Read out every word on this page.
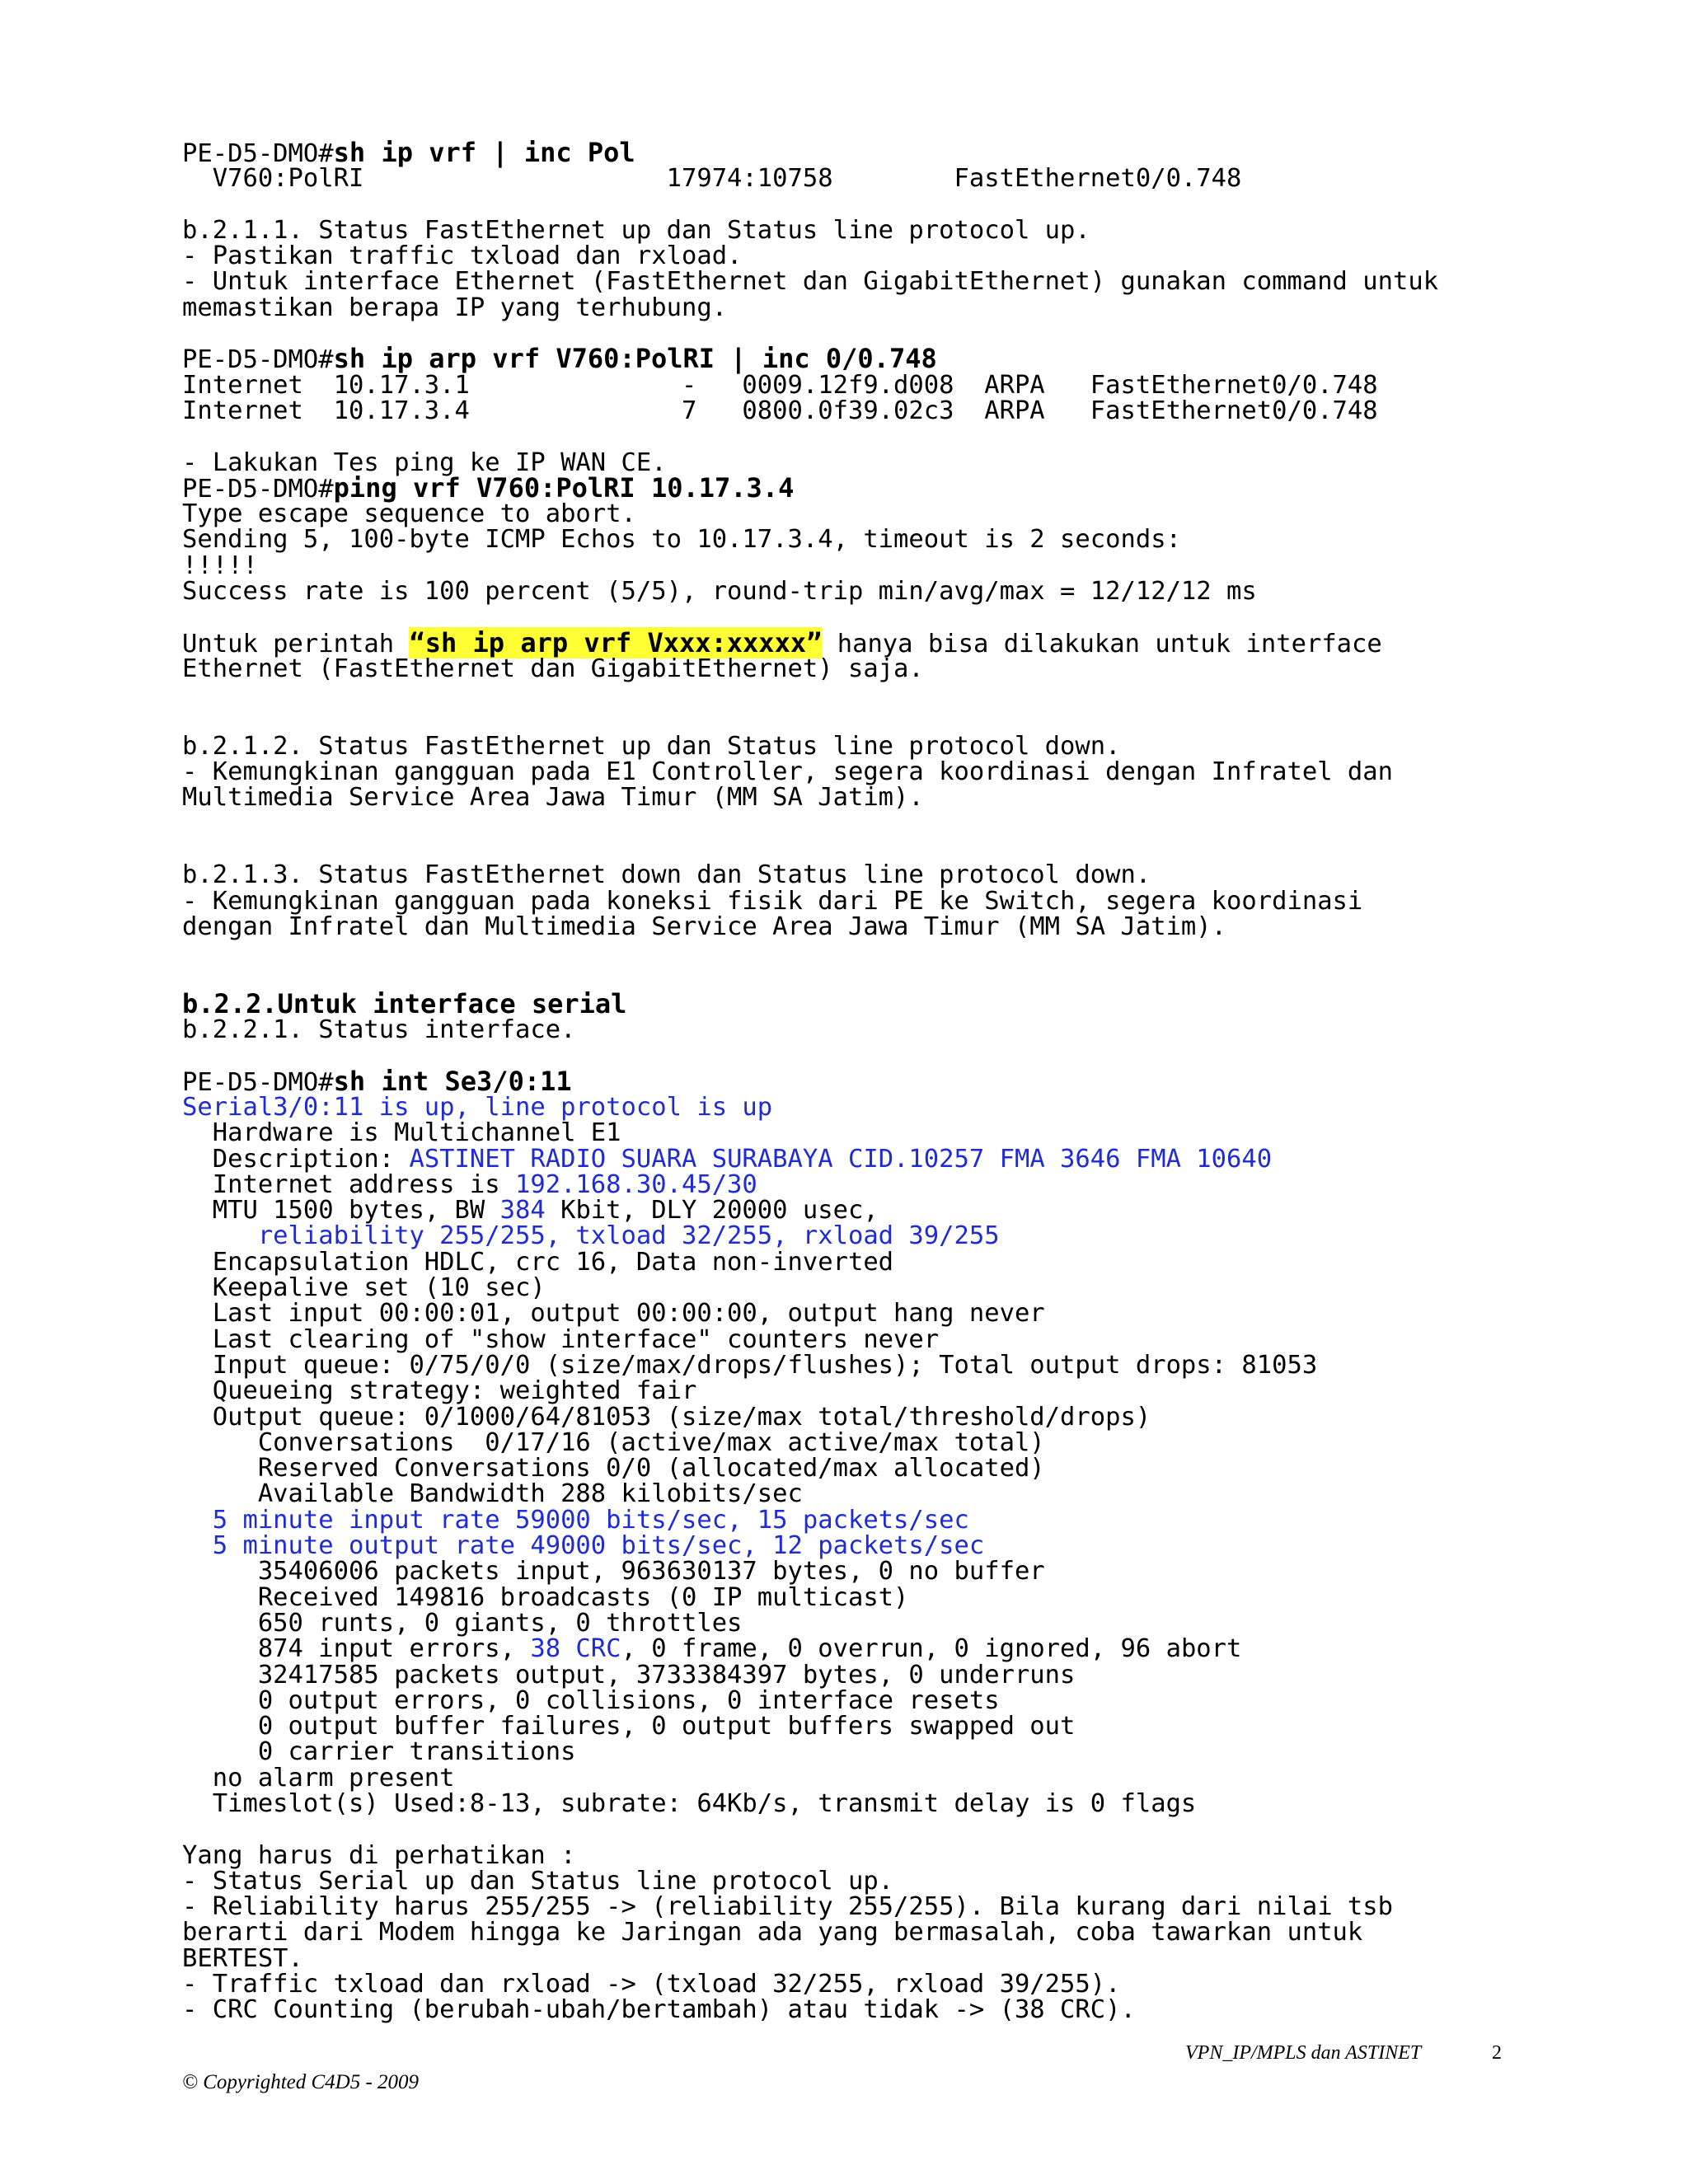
PE-D5-DMO#sh ip vrf | inc Pol
V760:PolRI                    17974:10758        FastEthernet0/0.748
b.2.1.1. Status FastEthernet up dan Status line protocol up.
- Pastikan traffic txload dan rxload.
- Untuk interface Ethernet (FastEthernet dan GigabitEthernet) gunakan command untuk
memastikan berapa IP yang terhubung.
PE-D5-DMO#sh ip arp vrf V760:PolRI | inc 0/0.748
Internet  10.17.3.1              -   0009.12f9.d008  ARPA   FastEthernet0/0.748
Internet  10.17.3.4              7   0800.0f39.02c3  ARPA   FastEthernet0/0.748
- Lakukan Tes ping ke IP WAN CE.
PE-D5-DMO#ping vrf V760:PolRI 10.17.3.4
Type escape sequence to abort.
Sending 5, 100-byte ICMP Echos to 10.17.3.4, timeout is 2 seconds:
!!!!!
Success rate is 100 percent (5/5), round-trip min/avg/max = 12/12/12 ms
Untuk perintah “sh ip arp vrf Vxxx:xxxxx” hanya bisa dilakukan untuk interface
Ethernet (FastEthernet dan GigabitEthernet) saja.
b.2.1.2. Status FastEthernet up dan Status line protocol down.
- Kemungkinan gangguan pada E1 Controller, segera koordinasi dengan Infratel dan
Multimedia Service Area Jawa Timur (MM SA Jatim).
b.2.1.3. Status FastEthernet down dan Status line protocol down.
- Kemungkinan gangguan pada koneksi fisik dari PE ke Switch, segera koordinasi
dengan Infratel dan Multimedia Service Area Jawa Timur (MM SA Jatim).
b.2.2.Untuk interface serial
b.2.2.1. Status interface.
PE-D5-DMO#sh int Se3/0:11
Serial3/0:11 is up, line protocol is up
Hardware is Multichannel E1
Description: ASTINET RADIO SUARA SURABAYA CID.10257 FMA 3646 FMA 10640
Internet address is 192.168.30.45/30
MTU 1500 bytes, BW 384 Kbit, DLY 20000 usec,
reliability 255/255, txload 32/255, rxload 39/255
Encapsulation HDLC, crc 16, Data non-inverted
Keepalive set (10 sec)
Last input 00:00:01, output 00:00:00, output hang never
Last clearing of "show interface" counters never
Input queue: 0/75/0/0 (size/max/drops/flushes); Total output drops: 81053
Queueing strategy: weighted fair
Output queue: 0/1000/64/81053 (size/max total/threshold/drops)
Conversations  0/17/16 (active/max active/max total)
Reserved Conversations 0/0 (allocated/max allocated)
Available Bandwidth 288 kilobits/sec
5 minute input rate 59000 bits/sec, 15 packets/sec
5 minute output rate 49000 bits/sec, 12 packets/sec
35406006 packets input, 963630137 bytes, 0 no buffer
Received 149816 broadcasts (0 IP multicast)
650 runts, 0 giants, 0 throttles
874 input errors, 38 CRC, 0 frame, 0 overrun, 0 ignored, 96 abort
32417585 packets output, 3733384397 bytes, 0 underruns
0 output errors, 0 collisions, 0 interface resets
0 output buffer failures, 0 output buffers swapped out
0 carrier transitions
no alarm present
Timeslot(s) Used:8-13, subrate: 64Kb/s, transmit delay is 0 flags
Yang harus di perhatikan :
- Status Serial up dan Status line protocol up.
- Reliability harus 255/255 -> (reliability 255/255). Bila kurang dari nilai tsb
berarti dari Modem hingga ke Jaringan ada yang bermasalah, coba tawarkan untuk
BERTEST.
- Traffic txload dan rxload -> (txload 32/255, rxload 39/255).
- CRC Counting (berubah-ubah/bertambah) atau tidak -> (38 CRC).
VPN_IP/MPLS dan ASTINET	2
© Copyrighted C4D5 - 2009
